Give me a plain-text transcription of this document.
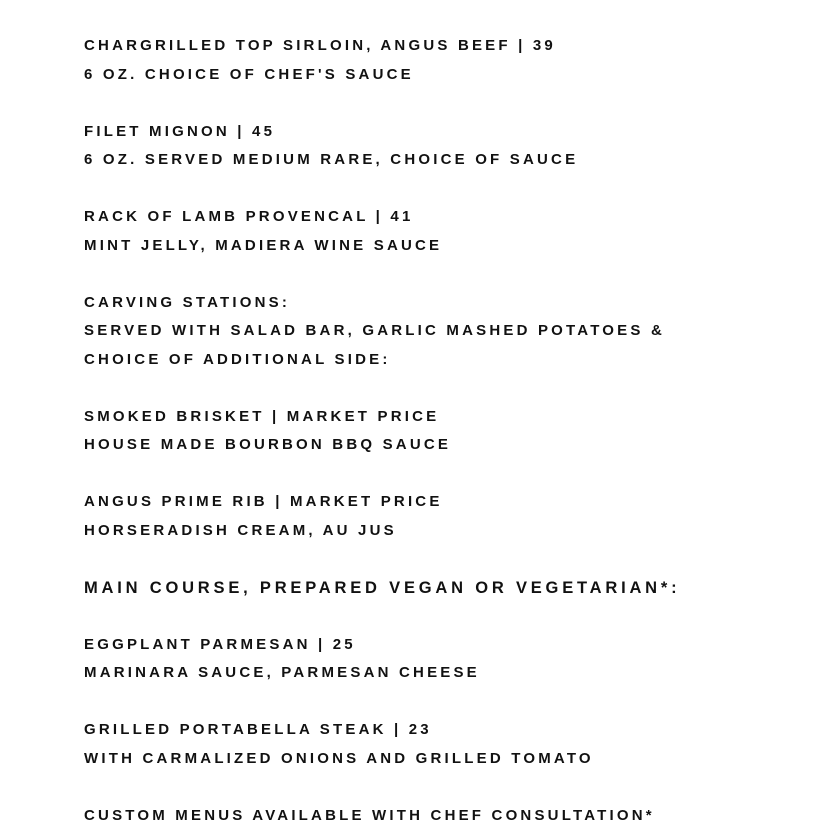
CHARGRILLED TOP SIRLOIN, ANGUS BEEF | 39
6 OZ. CHOICE OF CHEF'S SAUCE
FILET MIGNON | 45
6 OZ. SERVED MEDIUM RARE, CHOICE OF SAUCE
RACK OF LAMB PROVENCAL | 41
MINT JELLY, MADIERA WINE SAUCE
CARVING STATIONS:
SERVED WITH SALAD BAR, GARLIC MASHED POTATOES &
CHOICE OF ADDITIONAL SIDE:
SMOKED BRISKET | MARKET PRICE
HOUSE MADE BOURBON BBQ SAUCE
ANGUS PRIME RIB | MARKET PRICE
HORSERADISH CREAM, AU JUS
MAIN COURSE, PREPARED VEGAN OR VEGETARIAN*:
EGGPLANT PARMESAN | 25
MARINARA SAUCE, PARMESAN CHEESE
GRILLED PORTABELLA STEAK | 23
WITH CARMALIZED ONIONS AND GRILLED TOMATO
CUSTOM MENUS AVAILABLE WITH CHEF CONSULTATION*
